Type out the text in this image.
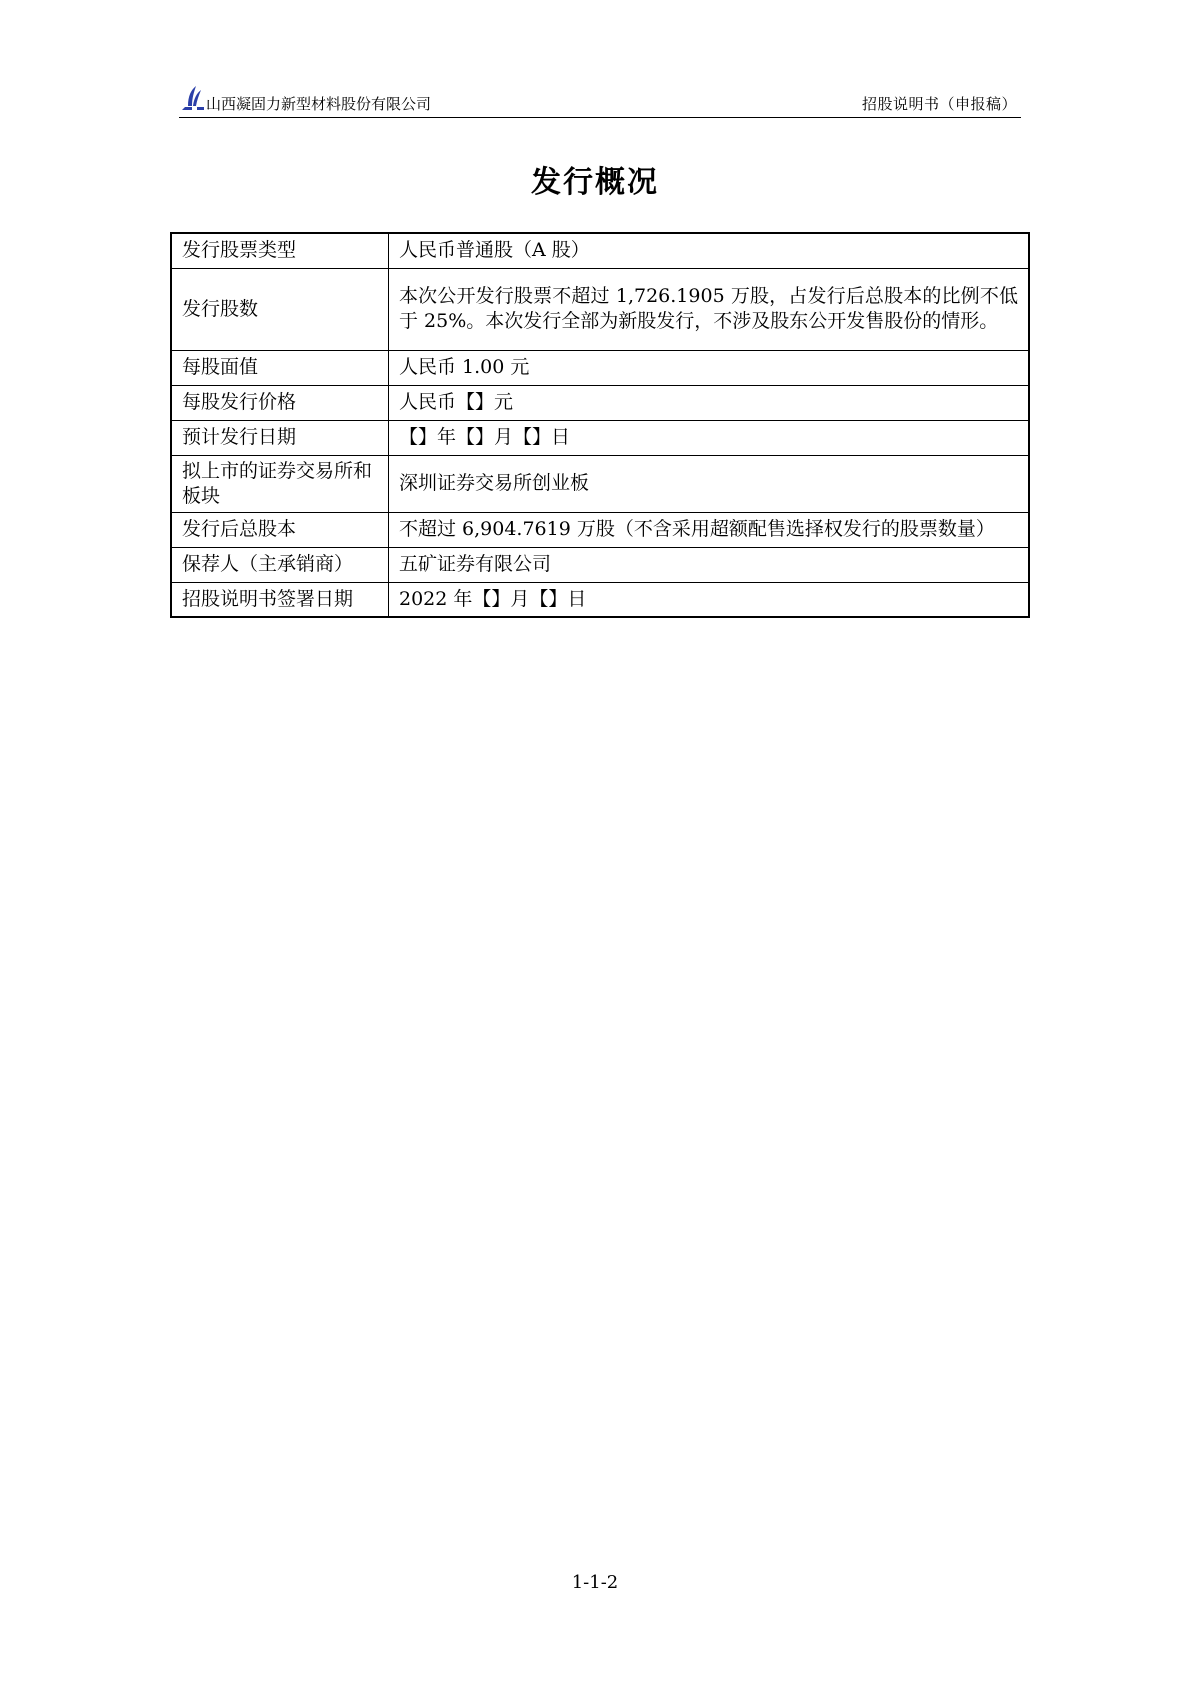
山西凝固力新型材料股份有限公司	招股说明书（申报稿）
发行概况
发行股票类型	人民币普通股（A 股）
发行股数	本次公开发行股票不超过 1,726.1905 万股，占发行后总股本的比例不低于 25%。本次发行全部为新股发行，不涉及股东公开发售股份的情形。
每股面值	人民币 1.00 元
每股发行价格	人民币【】元
预计发行日期	【】年【】月【】日
拟上市的证券交易所和板块	深圳证券交易所创业板
发行后总股本	不超过 6,904.7619 万股（不含采用超额配售选择权发行的股票数量）
保荐人（主承销商）	五矿证券有限公司
招股说明书签署日期	2022 年【】月【】日
1-1-2
